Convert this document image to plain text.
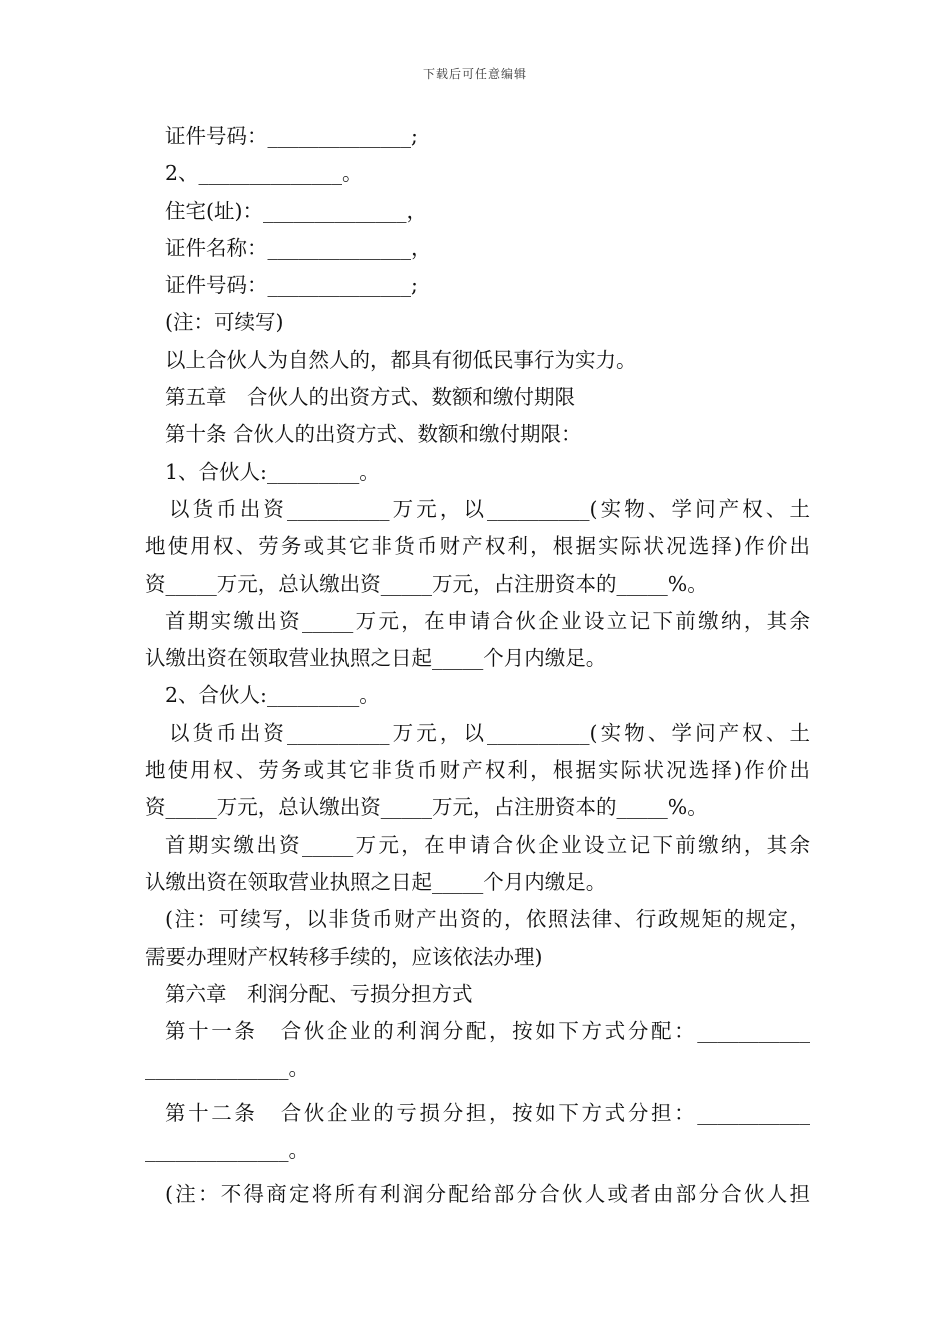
下载后可任意编辑
证件号码：______________;
2、______________。
住宅(址)：______________，
证件名称：______________，
证件号码：______________;
(注：可续写)
以上合伙人为自然人的，都具有彻低民事行为实力。
第五章　合伙人的出资方式、数额和缴付期限
第十条 合伙人的出资方式、数额和缴付期限：
1、合伙人:_________。
以货币出资__________万元，以__________(实物、学问产权、土
地使用权、劳务或其它非货币财产权利，根据实际状况选择)作价出
资_____万元，总认缴出资_____万元，占注册资本的_____%。
首期实缴出资_____万元，在申请合伙企业设立记下前缴纳，其余
认缴出资在领取营业执照之日起_____个月内缴足。
2、合伙人:_________。
以货币出资__________万元，以__________(实物、学问产权、土
地使用权、劳务或其它非货币财产权利，根据实际状况选择)作价出
资_____万元，总认缴出资_____万元，占注册资本的_____%。
首期实缴出资_____万元，在申请合伙企业设立记下前缴纳，其余
认缴出资在领取营业执照之日起_____个月内缴足。
(注：可续写，以非货币财产出资的，依照法律、行政规矩的规定，
需要办理财产权转移手续的，应该依法办理)
第六章　利润分配、亏损分担方式
第十一条　合伙企业的利润分配，按如下方式分配：___________
______________。
第十二条　合伙企业的亏损分担，按如下方式分担：___________
______________。
(注：不得商定将所有利润分配给部分合伙人或者由部分合伙人担
